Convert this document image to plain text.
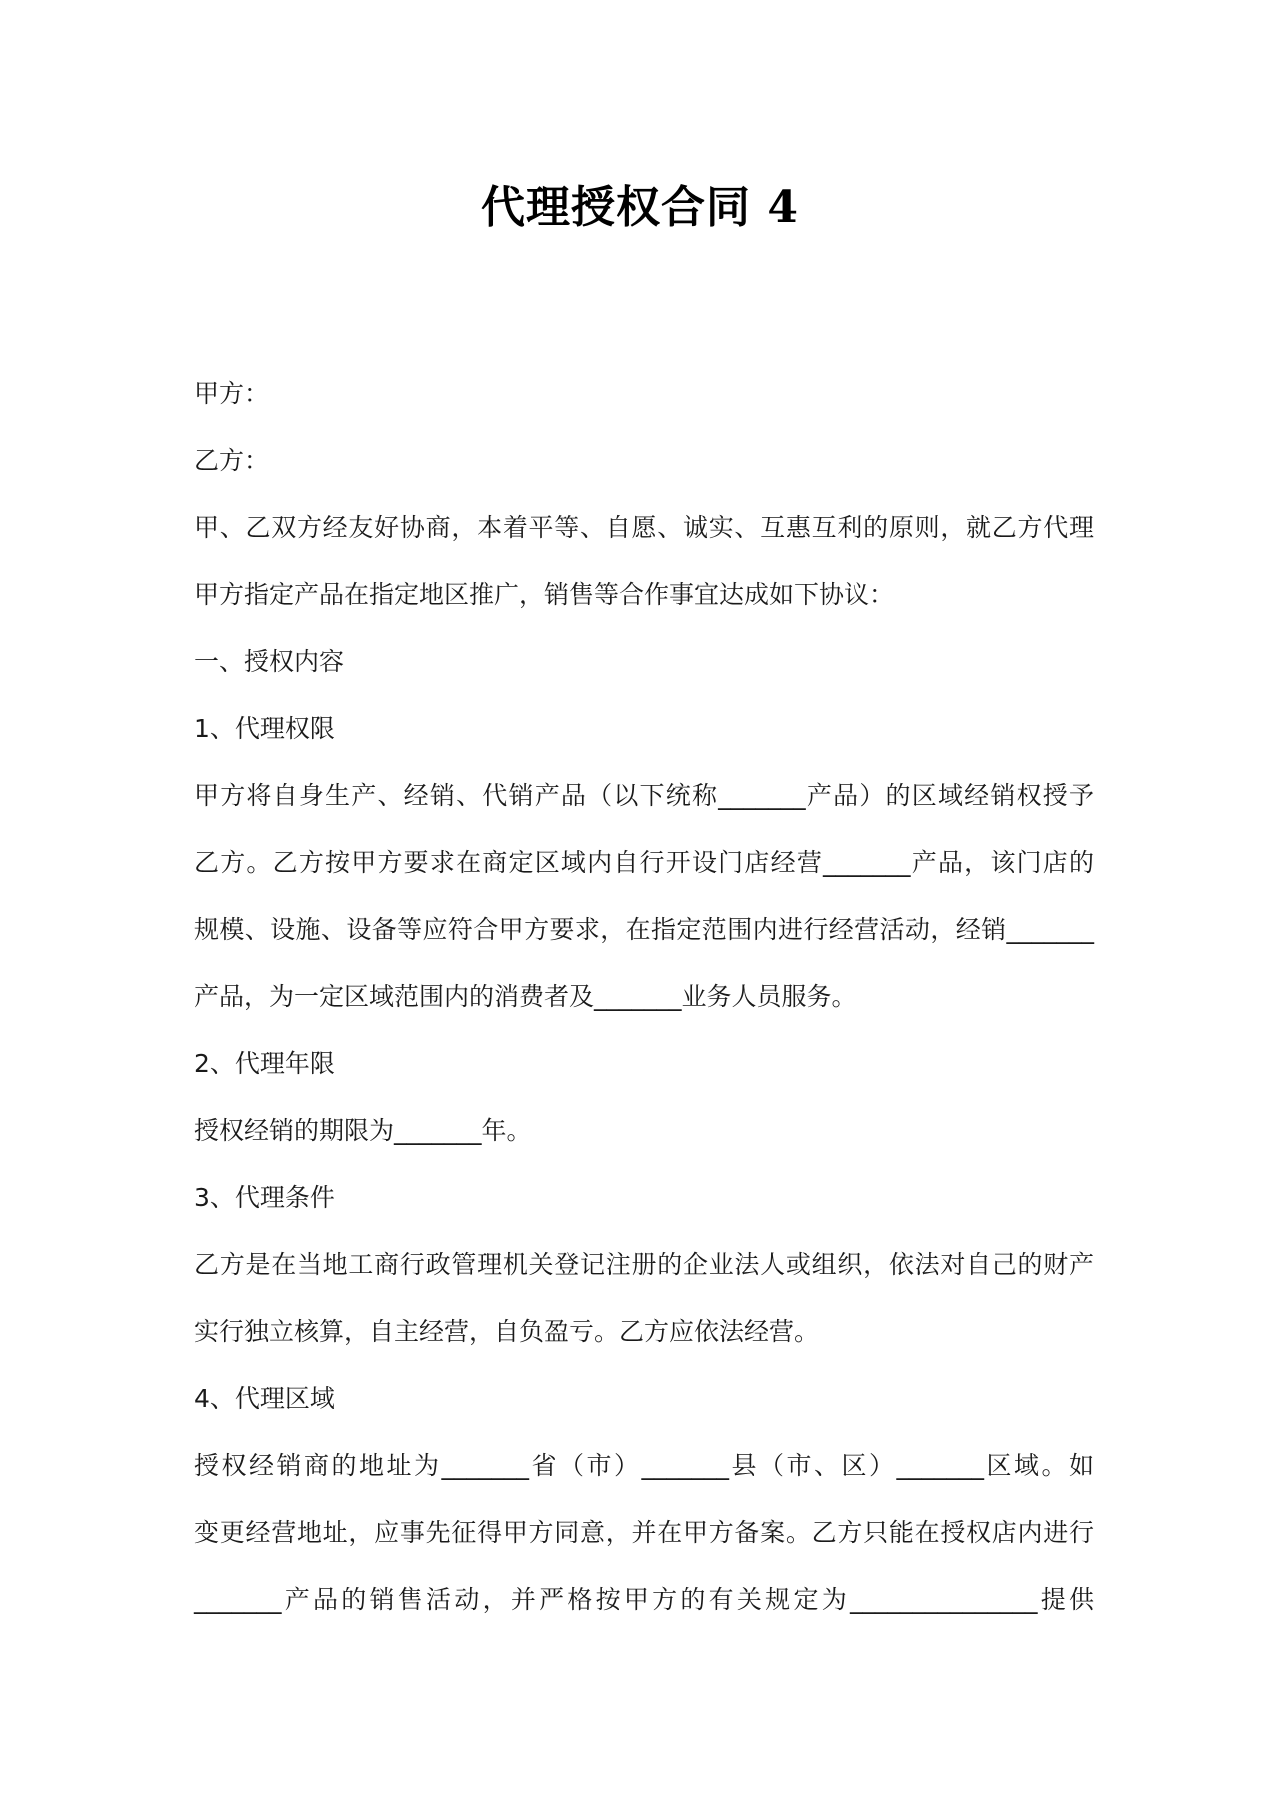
代理授权合同 4
甲方：
乙方：
甲、乙双方经友好协商，本着平等、自愿、诚实、互惠互利的原则，就乙方代理
甲方指定产品在指定地区推广，销售等合作事宜达成如下协议：
一、授权内容
1、代理权限
甲方将自身生产、经销、代销产品（以下统称_______产品）的区域经销权授予
乙方。乙方按甲方要求在商定区域内自行开设门店经营_______产品，该门店的
规模、设施、设备等应符合甲方要求，在指定范围内进行经营活动，经销_______
产品，为一定区域范围内的消费者及_______业务人员服务。
2、代理年限
授权经销的期限为_______年。
3、代理条件
乙方是在当地工商行政管理机关登记注册的企业法人或组织，依法对自己的财产
实行独立核算，自主经营，自负盈亏。乙方应依法经营。
4、代理区域
授权经销商的地址为_______省（市）_______县（市、区）_______区域。如
变更经营地址，应事先征得甲方同意，并在甲方备案。乙方只能在授权店内进行
_______产品的销售活动，并严格按甲方的有关规定为_______________提供
